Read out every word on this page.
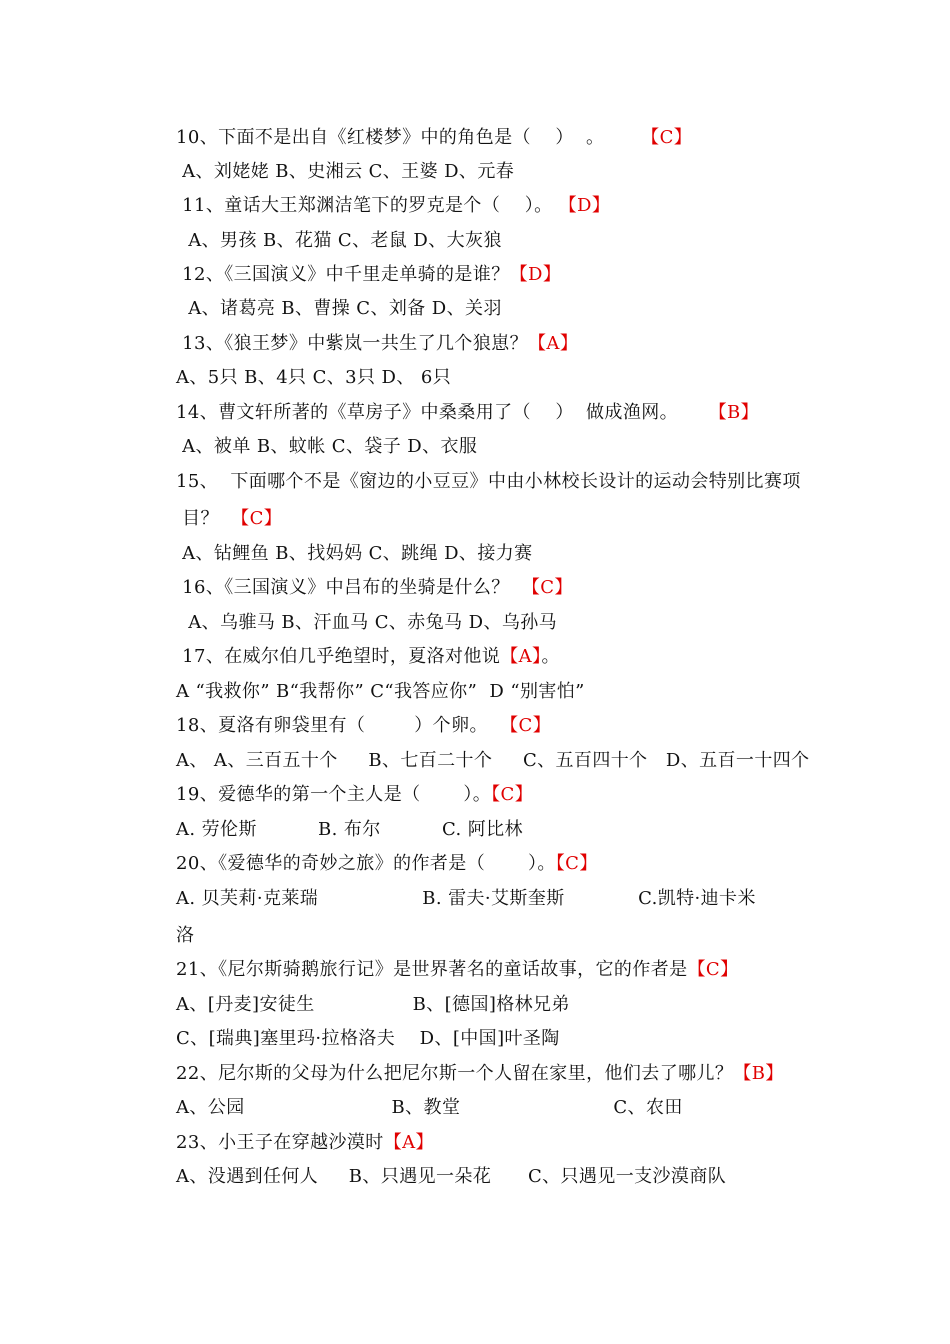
10、下面不是出自《红楼梦》中的角色是（    ）  。      【C】
A、刘姥姥 B、史湘云 C、王婆 D、元春
11、童话大王郑渊洁笔下的罗克是个（    ）。 【D】
A、男孩 B、花猫 C、老鼠 D、大灰狼
12、《三国演义》中千里走单骑的是谁？【D】
A、诸葛亮 B、曹操 C、刘备 D、关羽
13、《狼王梦》中紫岚一共生了几个狼崽？【A】
A、5只 B、4只 C、3只 D、 6只
14、曹文轩所著的《草房子》中桑桑用了（    ）  做成渔网。     【B】
A、被单 B、蚊帐 C、袋子 D、衣服
15、  下面哪个不是《窗边的小豆豆》中由小林校长设计的运动会特别比赛项
目？  【C】
A、钻鲤鱼 B、找妈妈 C、跳绳 D、接力赛
16、《三国演义》中吕布的坐骑是什么？  【C】
A、乌骓马 B、汗血马 C、赤兔马 D、乌孙马
17、在威尔伯几乎绝望时，夏洛对他说【A】。
A “我救你” B“我帮你” C“我答应你”  D “别害怕”
18、夏洛有卵袋里有（        ）个卵。  【C】
A、 A、三百五十个     B、七百二十个     C、五百四十个   D、五百一十四个
19、爱德华的第一个主人是（       ）。【C】
A. 劳伦斯          B. 布尔          C. 阿比林
20、《爱德华的奇妙之旅》的作者是（       ）。【C】
A. 贝芙莉·克莱瑞                 B. 雷夫·艾斯奎斯            C.凯特·迪卡米
洛
21、《尼尔斯骑鹅旅行记》是世界著名的童话故事，它的作者是【C】
A、[丹麦]安徒生                B、[德国]格林兄弟
C、[瑞典]塞里玛·拉格洛夫    D、[中国]叶圣陶
22、尼尔斯的父母为什么把尼尔斯一个人留在家里，他们去了哪儿？【B】
A、公园                        B、教堂                         C、农田
23、小王子在穿越沙漠时【A】
A、没遇到任何人     B、只遇见一朵花      C、只遇见一支沙漠商队
